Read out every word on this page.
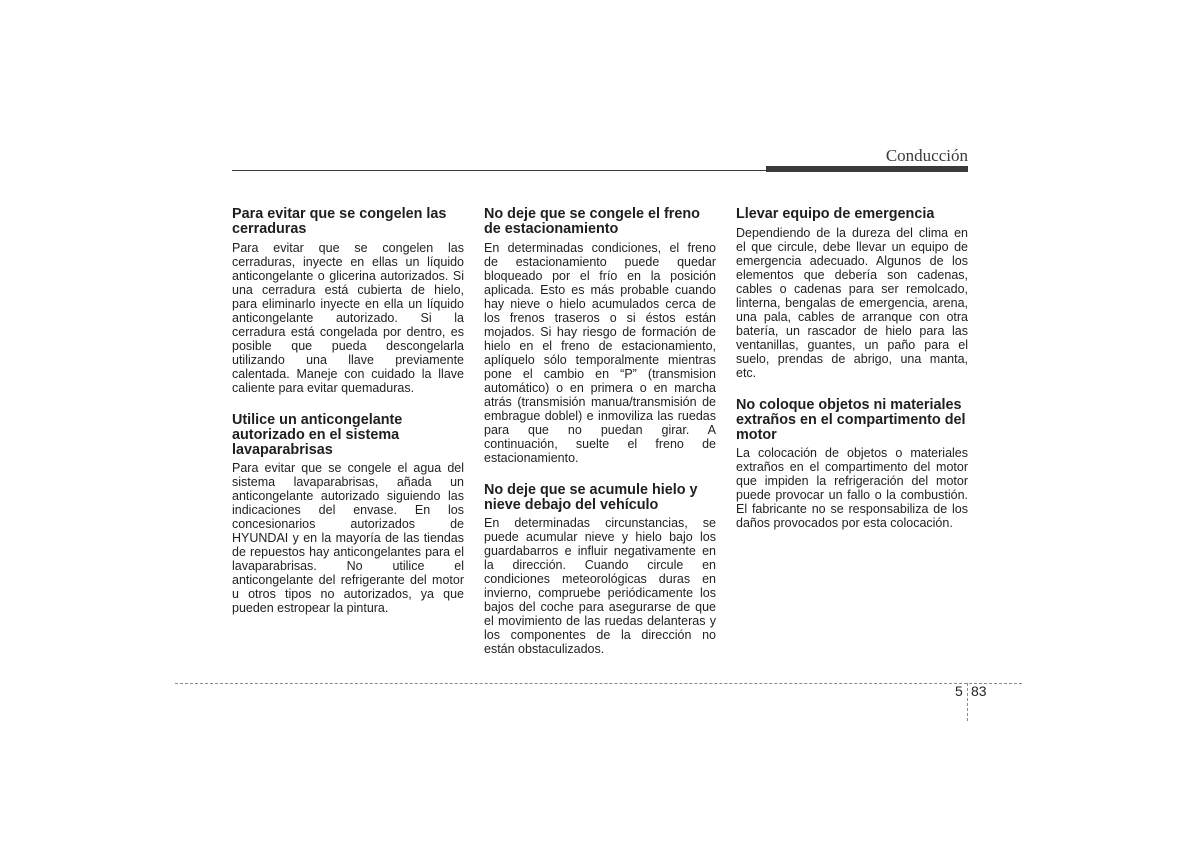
Conducción
Para evitar que se congelen las
cerraduras
Para evitar que se congelen las
cerraduras, inyecte en ellas un líquido
anticongelante o glicerina autorizados. Si
una cerradura está cubierta de hielo,
para eliminarlo inyecte en ella un líquido
anticongelante autorizado. Si la
cerradura está congelada por dentro, es
posible que pueda descongelarla
utilizando una llave previamente
calentada. Maneje con cuidado la llave
caliente para evitar quemaduras.
Utilice un anticongelante
autorizado en el sistema
lavaparabrisas
Para evitar que se congele el agua del
sistema lavaparabrisas, añada un
anticongelante autorizado siguiendo las
indicaciones del envase. En los
concesionarios autorizados de
HYUNDAI y en la mayoría de las tiendas
de repuestos hay anticongelantes para el
lavaparabrisas. No utilice el
anticongelante del refrigerante del motor
u otros tipos no autorizados, ya que
pueden estropear la pintura.
No deje que se congele el freno
de estacionamiento
En determinadas condiciones, el freno
de estacionamiento puede quedar
bloqueado por el frío en la posición
aplicada. Esto es más probable cuando
hay nieve o hielo acumulados cerca de
los frenos traseros o si éstos están
mojados. Si hay riesgo de formación de
hielo en el freno de estacionamiento,
aplíquelo sólo temporalmente mientras
pone el cambio en “P” (transmision
automático) o en primera o en marcha
atrás (transmisión manua/transmisión de
embrague doblel) e inmoviliza las ruedas
para que no puedan girar. A
continuación, suelte el freno de
estacionamiento.
No deje que se acumule hielo y
nieve debajo del vehículo
En determinadas circunstancias, se
puede acumular nieve y hielo bajo los
guardabarros e influir negativamente en
la dirección. Cuando circule en
condiciones meteorológicas duras en
invierno, compruebe periódicamente los
bajos del coche para asegurarse de que
el movimiento de las ruedas delanteras y
los componentes de la dirección no
están obstaculizados.
Llevar equipo de emergencia
Dependiendo de la dureza del clima en
el que circule, debe llevar un equipo de
emergencia adecuado. Algunos de los
elementos que debería son cadenas,
cables o cadenas para ser remolcado,
linterna, bengalas de emergencia, arena,
una pala, cables de arranque con otra
batería, un rascador de hielo para las
ventanillas, guantes, un paño para el
suelo, prendas de abrigo, una manta,
etc.
No coloque objetos ni materiales
extraños en el compartimento del
motor
La colocación de objetos o materiales
extraños en el compartimento del motor
que impiden la refrigeración del motor
puede provocar un fallo o la combustión.
El fabricante no se responsabiliza de los
daños provocados por esta colocación.
5 83
